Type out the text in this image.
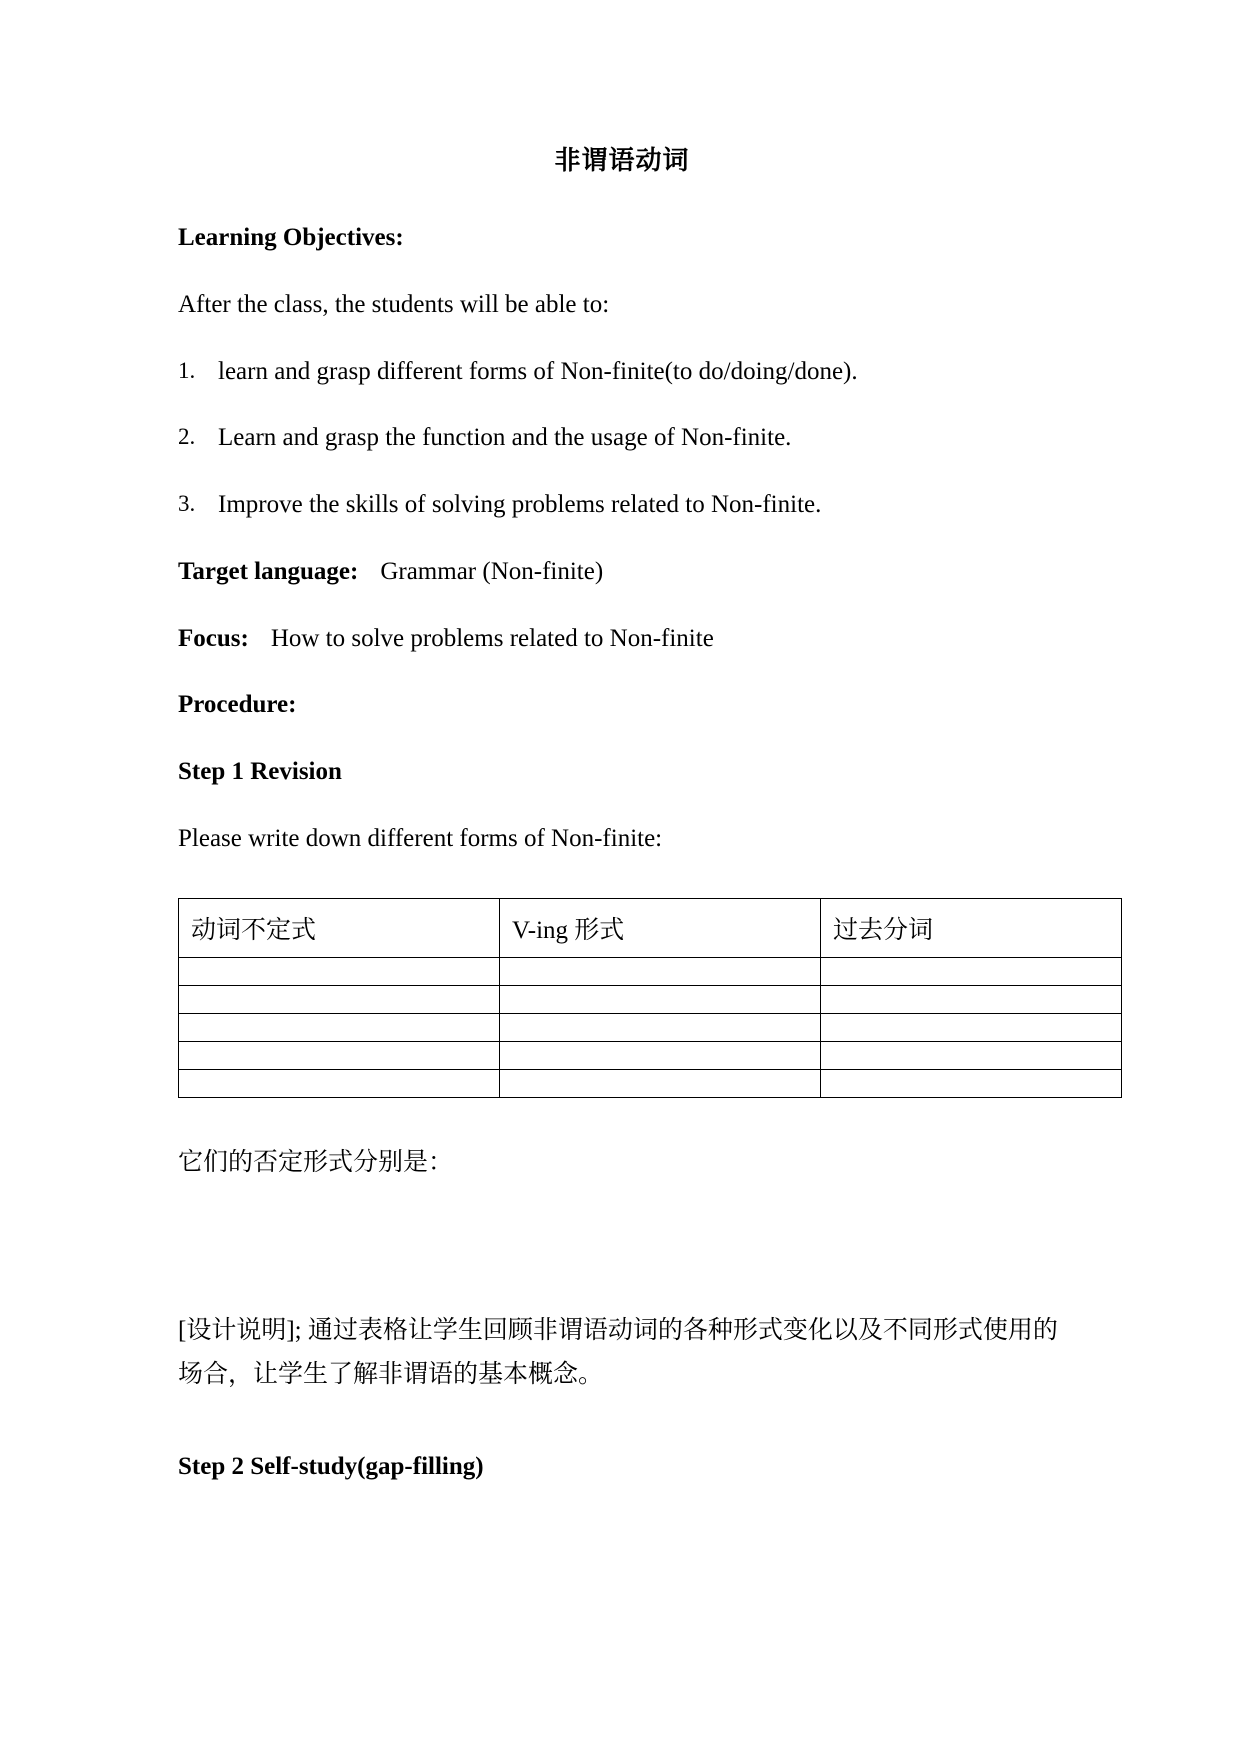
非谓语动词
Learning Objectives:
After the class, the students will be able to:
1. learn and grasp different forms of Non-finite(to do/doing/done).
2. Learn and grasp the function and the usage of Non-finite.
3. Improve the skills of solving problems related to Non-finite.
Target language: Grammar (Non-finite)
Focus: How to solve problems related to Non-finite
Procedure:
Step 1 Revision
Please write down different forms of Non-finite:
动词不定式	V-ing 形式	过去分词

它们的否定形式分别是：
[设计说明]; 通过表格让学生回顾非谓语动词的各种形式变化以及不同形式使用的场合，让学生了解非谓语的基本概念。
Step 2 Self-study(gap-filling)
